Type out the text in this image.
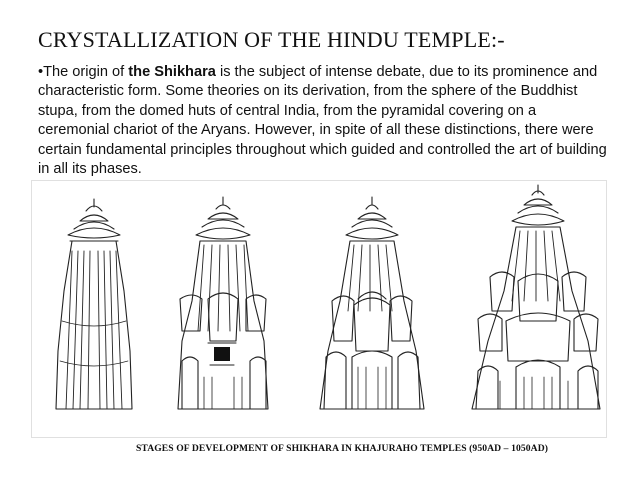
CRYSTALLIZATION OF THE HINDU TEMPLE:-
•The origin of the Shikhara is the subject of intense debate, due to its prominence and characteristic form. Some theories on its derivation, from the sphere of the Buddhist stupa, from the domed huts of central India, from the pyramidal covering on a ceremonial chariot of the Aryans. However, in spite of all these distinctions, there were certain fundamental principles throughout which guided and controlled the art of building in all its phases.
STAGES OF DEVELOPMENT OF SHIKHARA IN KHAJURAHO TEMPLES (950AD – 1050AD)
